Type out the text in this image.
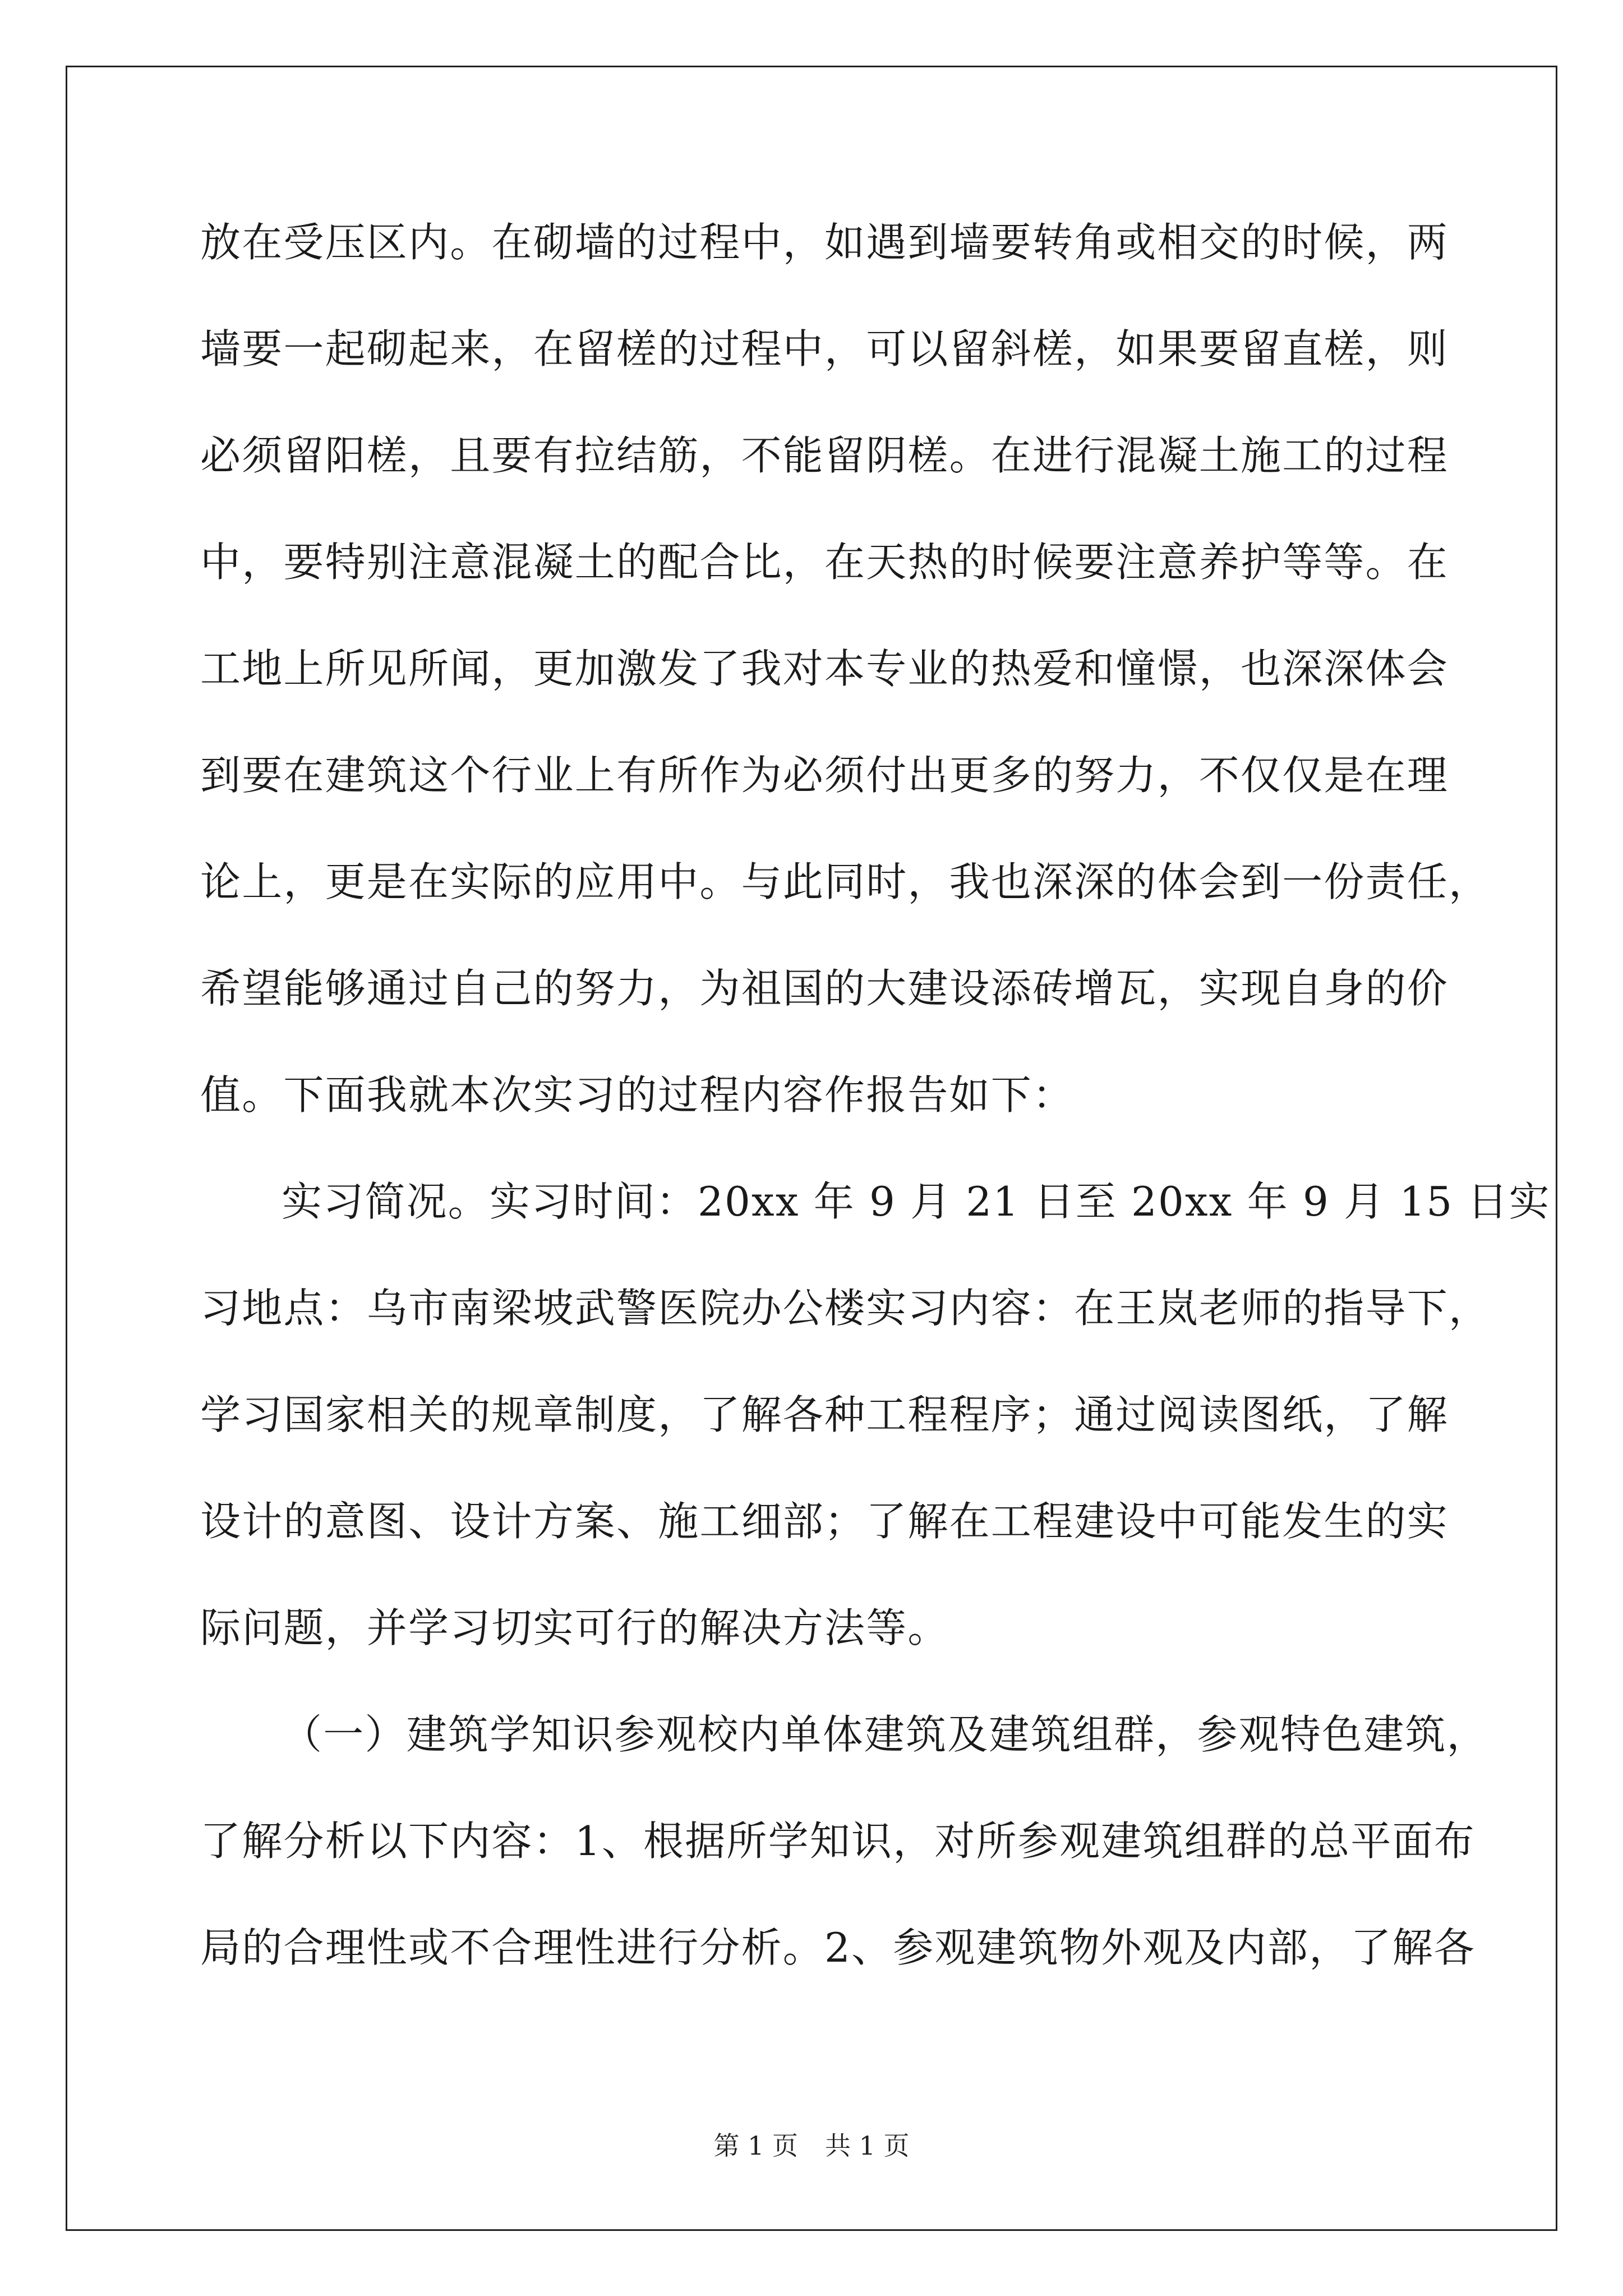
放在受压区内。在砌墙的过程中，如遇到墙要转角或相交的时候，两
墙要一起砌起来，在留槎的过程中，可以留斜槎，如果要留直槎，则
必须留阳槎，且要有拉结筋，不能留阴槎。在进行混凝土施工的过程
中，要特别注意混凝土的配合比，在天热的时候要注意养护等等。在
工地上所见所闻，更加激发了我对本专业的热爱和憧憬，也深深体会
到要在建筑这个行业上有所作为必须付出更多的努力，不仅仅是在理
论上，更是在实际的应用中。与此同时，我也深深的体会到一份责任，
希望能够通过自己的努力，为祖国的大建设添砖增瓦，实现自身的价
值。下面我就本次实习的过程内容作报告如下：
实习简况。实习时间：20xx 年 9 月 21 日至 20xx 年 9 月 15 日实
习地点：乌市南梁坡武警医院办公楼实习内容：在王岚老师的指导下，
学习国家相关的规章制度，了解各种工程程序；通过阅读图纸，了解
设计的意图、设计方案、施工细部；了解在工程建设中可能发生的实
际问题，并学习切实可行的解决方法等。
（一）建筑学知识参观校内单体建筑及建筑组群，参观特色建筑，
了解分析以下内容：1、根据所学知识，对所参观建筑组群的总平面布
局的合理性或不合理性进行分析。2、参观建筑物外观及内部，了解各
第 1 页 共 1 页
